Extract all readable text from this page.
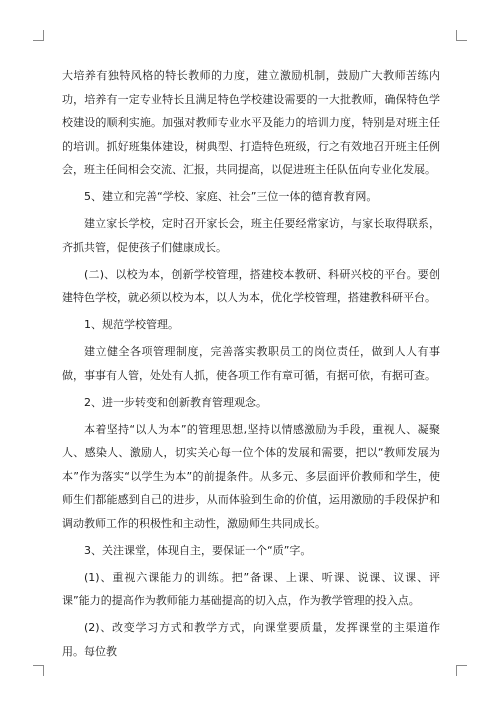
大培养有独特风格的特长教师的力度，建立激励机制，鼓励广大教师苦练内功，培养有一定专业特长且满足特色学校建设需要的一大批教师，确保特色学校建设的顺利实施。加强对教师专业水平及能力的培训力度，特别是对班主任的培训。抓好班集体建设，树典型、打造特色班级，行之有效地召开班主任例会，班主任间相会交流、汇报，共同提高，以促进班主任队伍向专业化发展。

5、建立和完善“学校、家庭、社会”三位一体的德育教育网。

建立家长学校，定时召开家长会，班主任要经常家访，与家长取得联系，齐抓共管，促使孩子们健康成长。

(二)、以校为本，创新学校管理，搭建校本教研、科研兴校的平台。要创建特色学校，就必须以校为本，以人为本，优化学校管理，搭建教科研平台。

1、规范学校管理。

建立健全各项管理制度，完善落实教职员工的岗位责任，做到人人有事做，事事有人管，处处有人抓，使各项工作有章可循，有据可依，有据可查。

2、进一步转变和创新教育管理观念。

本着坚持“以人为本”的管理思想,坚持以情感激励为手段，重视人、凝聚人、感染人、激励人，切实关心每一位个体的发展和需要，把以“教师发展为本”作为落实“以学生为本”的前提条件。从多元、多层面评价教师和学生，使师生们都能感到自己的进步，从而体验到生命的价值，运用激励的手段保护和调动教师工作的积极性和主动性，激励师生共同成长。

3、关注课堂，体现自主，要保证一个“质”字。

(1)、重视六课能力的训练。把”备课、上课、听课、说课、议课、评课”能力的提高作为教师能力基础提高的切入点，作为教学管理的投入点。

(2)、改变学习方式和教学方式，向课堂要质量，发挥课堂的主渠道作用。每位教
